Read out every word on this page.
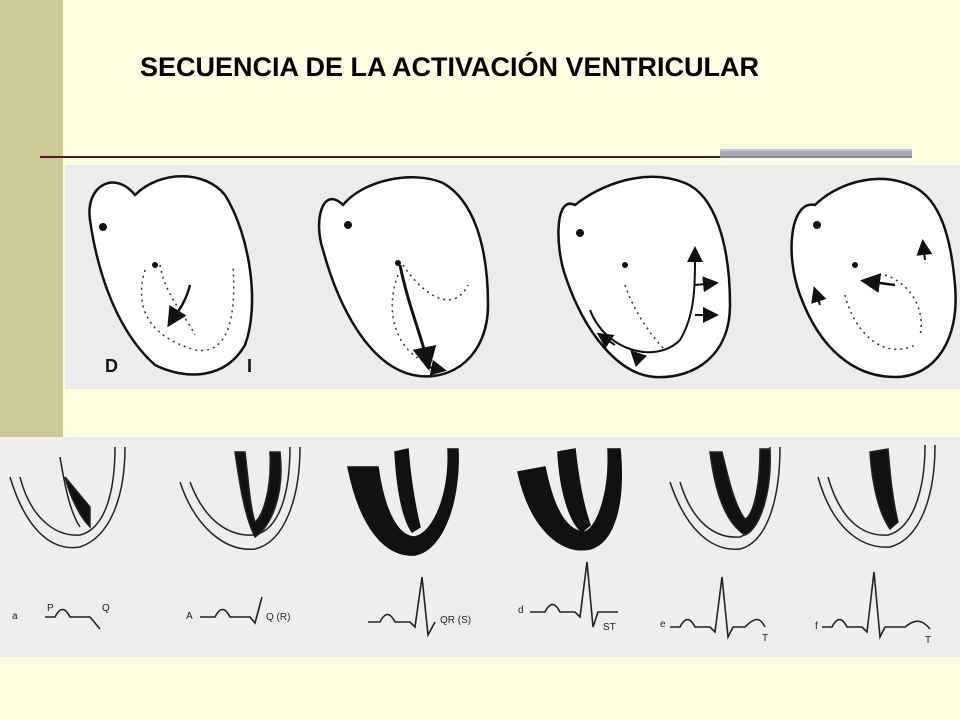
SECUENCIA DE LA ACTIVACIÓN VENTRICULAR
D	I
P	Q
Q (R)	QR (S)
ST
T	T
a	A
d
e	f
